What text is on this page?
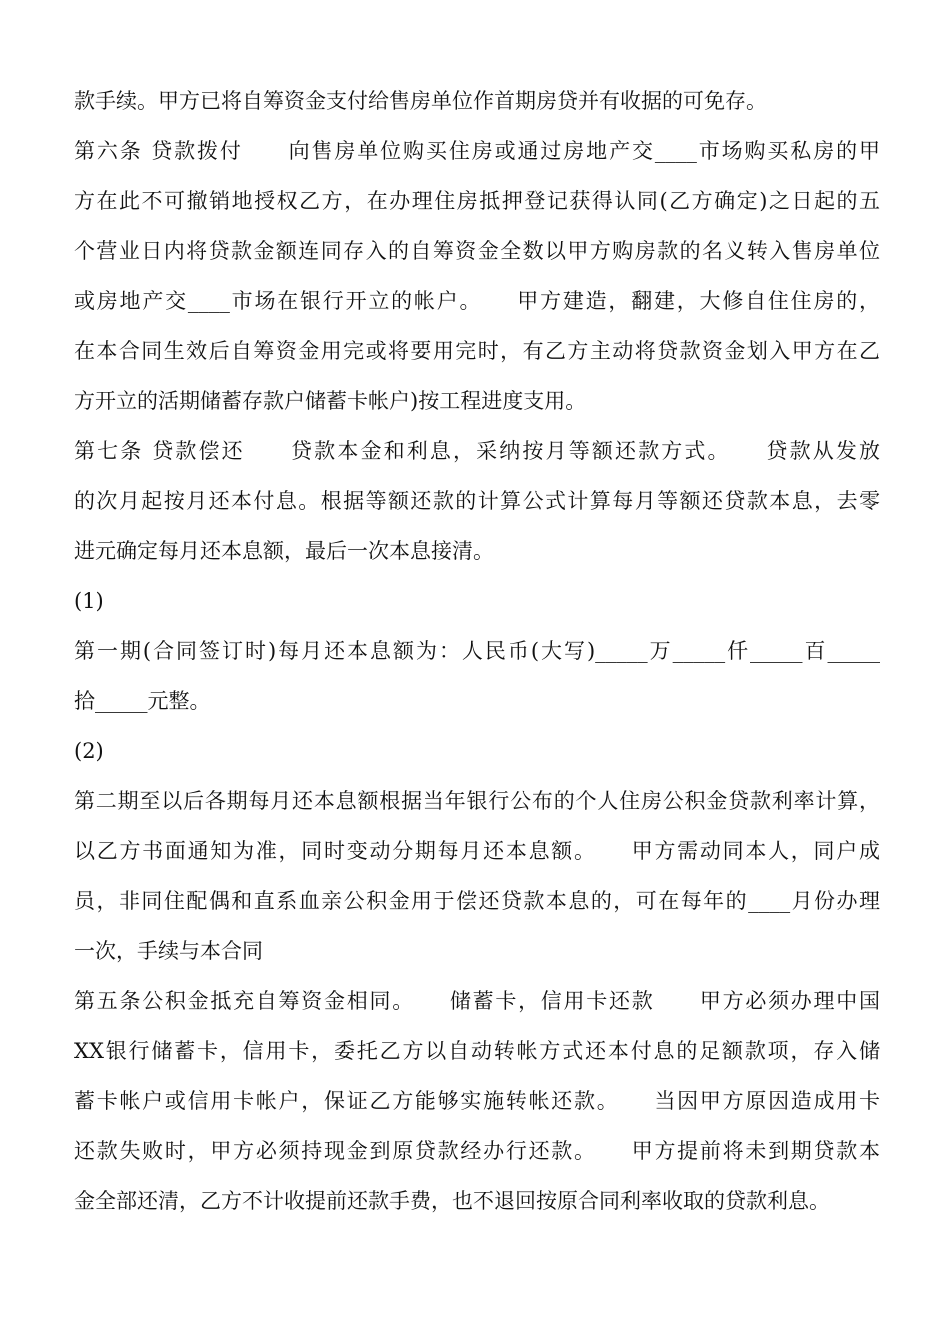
款手续。甲方已将自筹资金支付给售房单位作首期房贷并有收据的可免存。
第六条 贷款拨付　　向售房单位购买住房或通过房地产交____市场购买私房的甲
方在此不可撤销地授权乙方，在办理住房抵押登记获得认同(乙方确定)之日起的五
个营业日内将贷款金额连同存入的自筹资金全数以甲方购房款的名义转入售房单位
或房地产交____市场在银行开立的帐户。　　甲方建造，翻建，大修自住住房的，
在本合同生效后自筹资金用完或将要用完时，有乙方主动将贷款资金划入甲方在乙
方开立的活期储蓄存款户储蓄卡帐户)按工程进度支用。
第七条 贷款偿还　　贷款本金和利息，采纳按月等额还款方式。　　贷款从发放
的次月起按月还本付息。根据等额还款的计算公式计算每月等额还贷款本息，去零
进元确定每月还本息额，最后一次本息接清。
(1)
第一期(合同签订时)每月还本息额为：人民币(大写)_____万_____仟_____百_____
拾_____元整。
(2)
第二期至以后各期每月还本息额根据当年银行公布的个人住房公积金贷款利率计算，
以乙方书面通知为准，同时变动分期每月还本息额。　　甲方需动同本人，同户成
员，非同住配偶和直系血亲公积金用于偿还贷款本息的，可在每年的____月份办理
一次，手续与本合同
第五条公积金抵充自筹资金相同。　　储蓄卡，信用卡还款　　甲方必须办理中国
XX银行储蓄卡，信用卡，委托乙方以自动转帐方式还本付息的足额款项，存入储
蓄卡帐户或信用卡帐户，保证乙方能够实施转帐还款。　　当因甲方原因造成用卡
还款失败时，甲方必须持现金到原贷款经办行还款。　　甲方提前将未到期贷款本
金全部还清，乙方不计收提前还款手费，也不退回按原合同利率收取的贷款利息。
